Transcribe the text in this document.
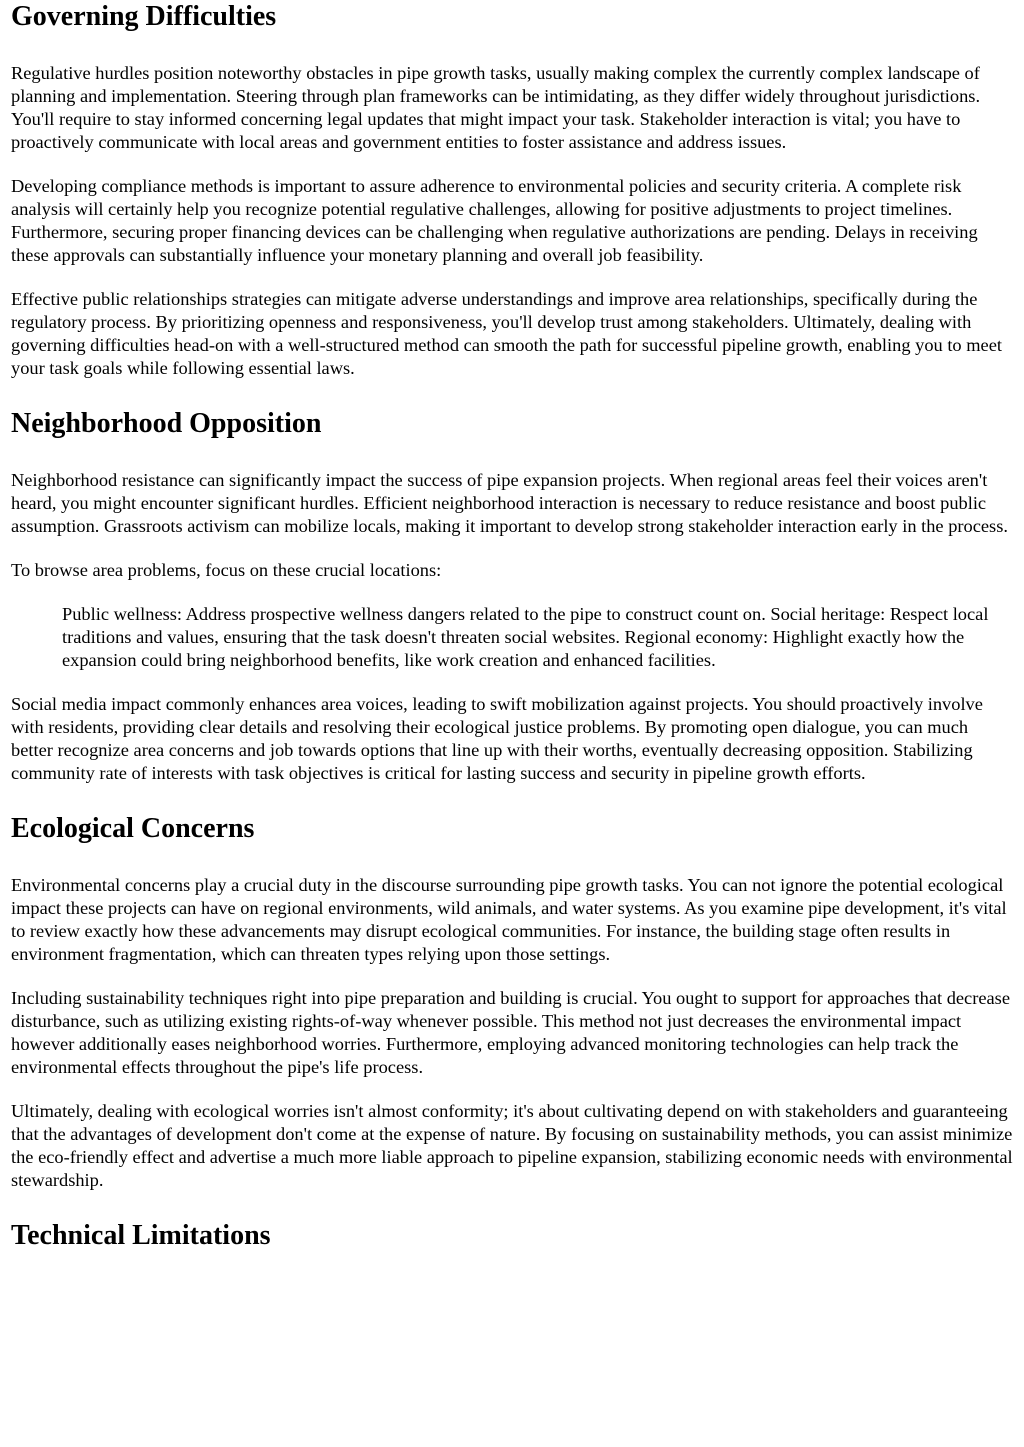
Governing Difficulties

Regulative hurdles position noteworthy obstacles in pipe growth tasks, usually making complex the currently complex landscape of planning and implementation. Steering through plan frameworks can be intimidating, as they differ widely throughout jurisdictions. You'll require to stay informed concerning legal updates that might impact your task. Stakeholder interaction is vital; you have to proactively communicate with local areas and government entities to foster assistance and address issues.

Developing compliance methods is important to assure adherence to environmental policies and security criteria. A complete risk analysis will certainly help you recognize potential regulative challenges, allowing for positive adjustments to project timelines. Furthermore, securing proper financing devices can be challenging when regulative authorizations are pending. Delays in receiving these approvals can substantially influence your monetary planning and overall job feasibility.

Effective public relationships strategies can mitigate adverse understandings and improve area relationships, specifically during the regulatory process. By prioritizing openness and responsiveness, you'll develop trust among stakeholders. Ultimately, dealing with governing difficulties head-on with a well-structured method can smooth the path for successful pipeline growth, enabling you to meet your task goals while following essential laws.

Neighborhood Opposition

Neighborhood resistance can significantly impact the success of pipe expansion projects. When regional areas feel their voices aren't heard, you might encounter significant hurdles. Efficient neighborhood interaction is necessary to reduce resistance and boost public assumption. Grassroots activism can mobilize locals, making it important to develop strong stakeholder interaction early in the process.

To browse area problems, focus on these crucial locations:

Public wellness: Address prospective wellness dangers related to the pipe to construct count on. Social heritage: Respect local traditions and values, ensuring that the task doesn't threaten social websites. Regional economy: Highlight exactly how the expansion could bring neighborhood benefits, like work creation and enhanced facilities.

Social media impact commonly enhances area voices, leading to swift mobilization against projects. You should proactively involve with residents, providing clear details and resolving their ecological justice problems. By promoting open dialogue, you can much better recognize area concerns and job towards options that line up with their worths, eventually decreasing opposition. Stabilizing community rate of interests with task objectives is critical for lasting success and security in pipeline growth efforts.

Ecological Concerns

Environmental concerns play a crucial duty in the discourse surrounding pipe growth tasks. You can not ignore the potential ecological impact these projects can have on regional environments, wild animals, and water systems. As you examine pipe development, it's vital to review exactly how these advancements may disrupt ecological communities. For instance, the building stage often results in environment fragmentation, which can threaten types relying upon those settings.

Including sustainability techniques right into pipe preparation and building is crucial. You ought to support for approaches that decrease disturbance, such as utilizing existing rights-of-way whenever possible. This method not just decreases the environmental impact however additionally eases neighborhood worries. Furthermore, employing advanced monitoring technologies can help track the environmental effects throughout the pipe's life process.

Ultimately, dealing with ecological worries isn't almost conformity; it's about cultivating depend on with stakeholders and guaranteeing that the advantages of development don't come at the expense of nature. By focusing on sustainability methods, you can assist minimize the eco-friendly effect and advertise a much more liable approach to pipeline expansion, stabilizing economic needs with environmental stewardship.

Technical Limitations
